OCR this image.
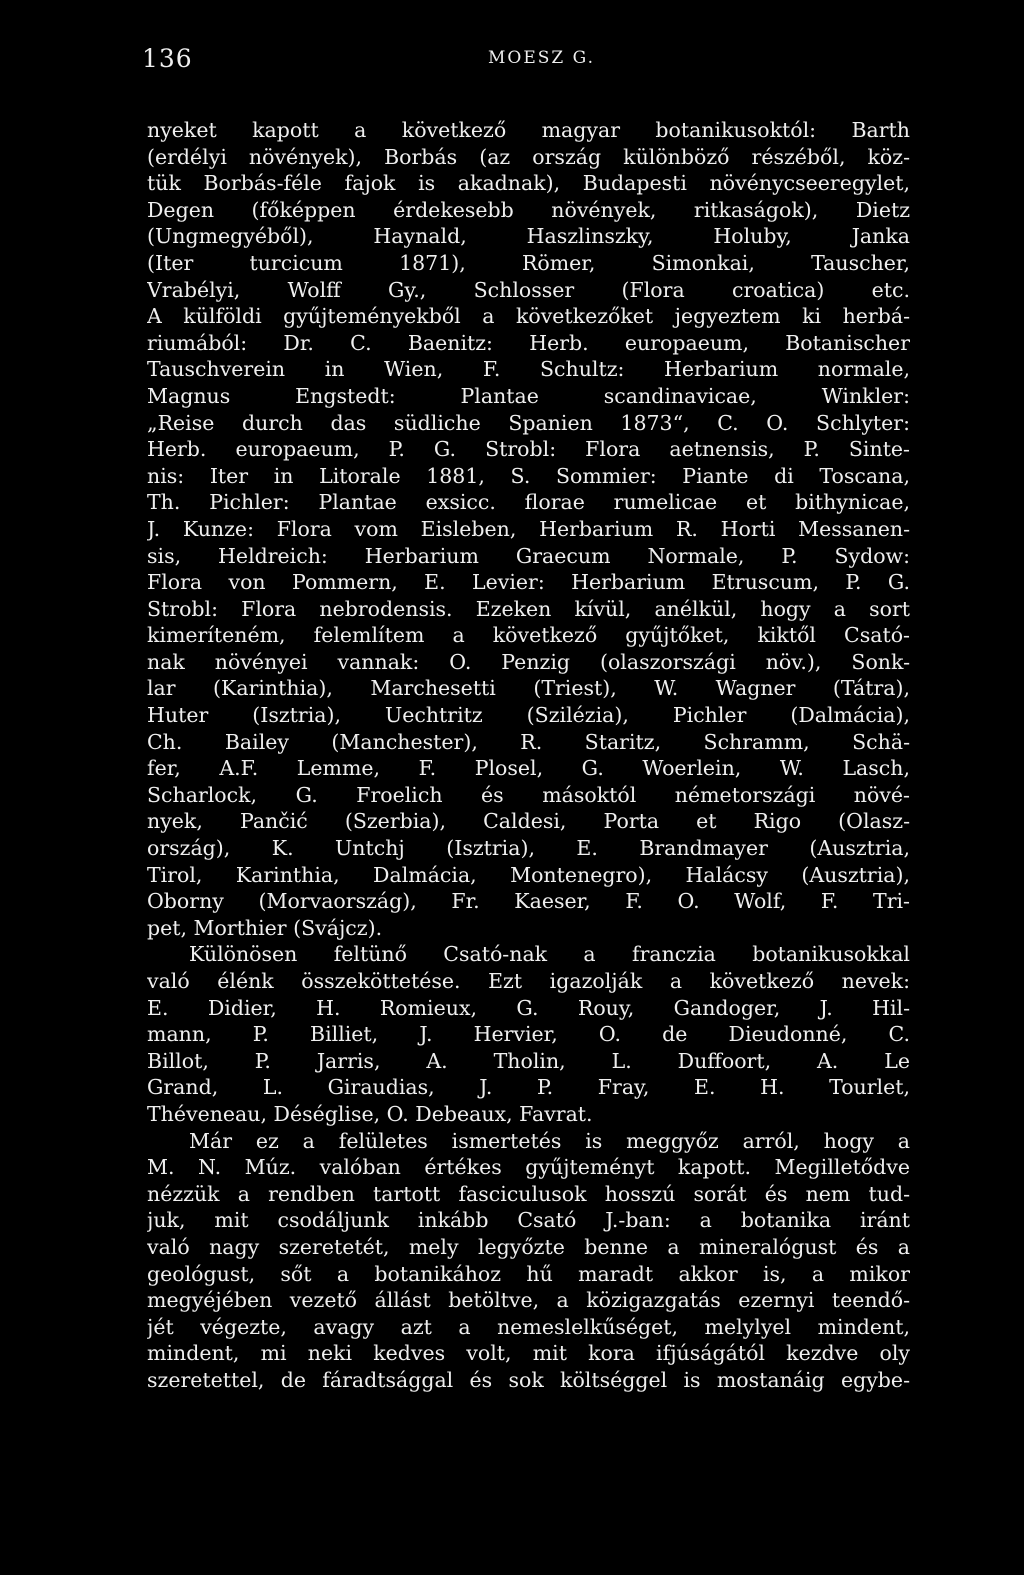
136	MOESZ G.
nyeket kapott a következő magyar botanikusoktól: Barth
(erdélyi növények), Borbás (az ország különböző részéből, köz-
tük Borbás-féle fajok is akadnak), Budapesti növénycseeregylet,
Degen (főképpen érdekesebb növények, ritkaságok), Dietz
(Ungmegyéből), Haynald, Haszlinszky, Holuby, Janka
(Iter turcicum 1871), Römer, Simonkai, Tauscher,
Vrabélyi, Wolff Gy., Schlosser (Flora croatica) etc.
A külföldi gyűjteményekből a következőket jegyeztem ki herbá-
riumából: Dr. C. Baenitz: Herb. europaeum, Botanischer
Tauschverein in Wien, F. Schultz: Herbarium normale,
Magnus Engstedt: Plantae scandinavicae, Winkler:
„Reise durch das südliche Spanien 1873“, C. O. Schlyter:
Herb. europaeum, P. G. Strobl: Flora aetnensis, P. Sinte-
nis: Iter in Litorale 1881, S. Sommier: Piante di Toscana,
Th. Pichler: Plantae exsicc. florae rumelicae et bithynicae,
J. Kunze: Flora vom Eisleben, Herbarium R. Horti Messanen-
sis, Heldreich: Herbarium Graecum Normale, P. Sydow:
Flora von Pommern, E. Levier: Herbarium Etruscum, P. G.
Strobl: Flora nebrodensis. Ezeken kívül, anélkül, hogy a sort
kimeríteném, felemlítem a következő gyűjtőket, kiktől Csató-
nak növényei vannak: O. Penzig (olaszországi növ.), Sonk-
lar (Karinthia), Marchesetti (Triest), W. Wagner (Tátra),
Huter (Isztria), Uechtritz (Szilézia), Pichler (Dalmácia),
Ch. Bailey (Manchester), R. Staritz, Schramm, Schä-
fer, A.F. Lemme, F. Plosel, G. Woerlein, W. Lasch,
Scharlock, G. Froelich és másoktól németországi növé-
nyek, Pančić (Szerbia), Caldesi, Porta et Rigo (Olasz-
ország), K. Untchj (Isztria), E. Brandmayer (Ausztria,
Tirol, Karinthia, Dalmácia, Montenegro), Halácsy (Ausztria),
Oborny (Morvaország), Fr. Kaeser, F. O. Wolf, F. Tri-
pet, Morthier (Svájcz).
Különösen feltünő Csató-nak a franczia botanikusokkal
való élénk összeköttetése. Ezt igazolják a következő nevek:
E. Didier, H. Romieux, G. Rouy, Gandoger, J. Hil-
mann, P. Billiet, J. Hervier, O. de Dieudonné, C.
Billot, P. Jarris, A. Tholin, L. Duffoort, A. Le
Grand, L. Giraudias, J. P. Fray, E. H. Tourlet,
Théveneau, Déséglise, O. Debeaux, Favrat.
Már ez a felületes ismertetés is meggyőz arról, hogy a
M. N. Múz. valóban értékes gyűjteményt kapott. Megilletődve
nézzük a rendben tartott fasciculusok hosszú sorát és nem tud-
juk, mit csodáljunk inkább Csató J.-ban: a botanika iránt
való nagy szeretetét, mely legyőzte benne a mineralógust és a
geológust, sőt a botanikához hű maradt akkor is, a mikor
megyéjében vezető állást betöltve, a közigazgatás ezernyi teendő-
jét végezte, avagy azt a nemeslelkűséget, melylyel mindent,
mindent, mi neki kedves volt, mit kora ifjúságától kezdve oly
szeretettel, de fáradtsággal és sok költséggel is mostanáig egybe-
